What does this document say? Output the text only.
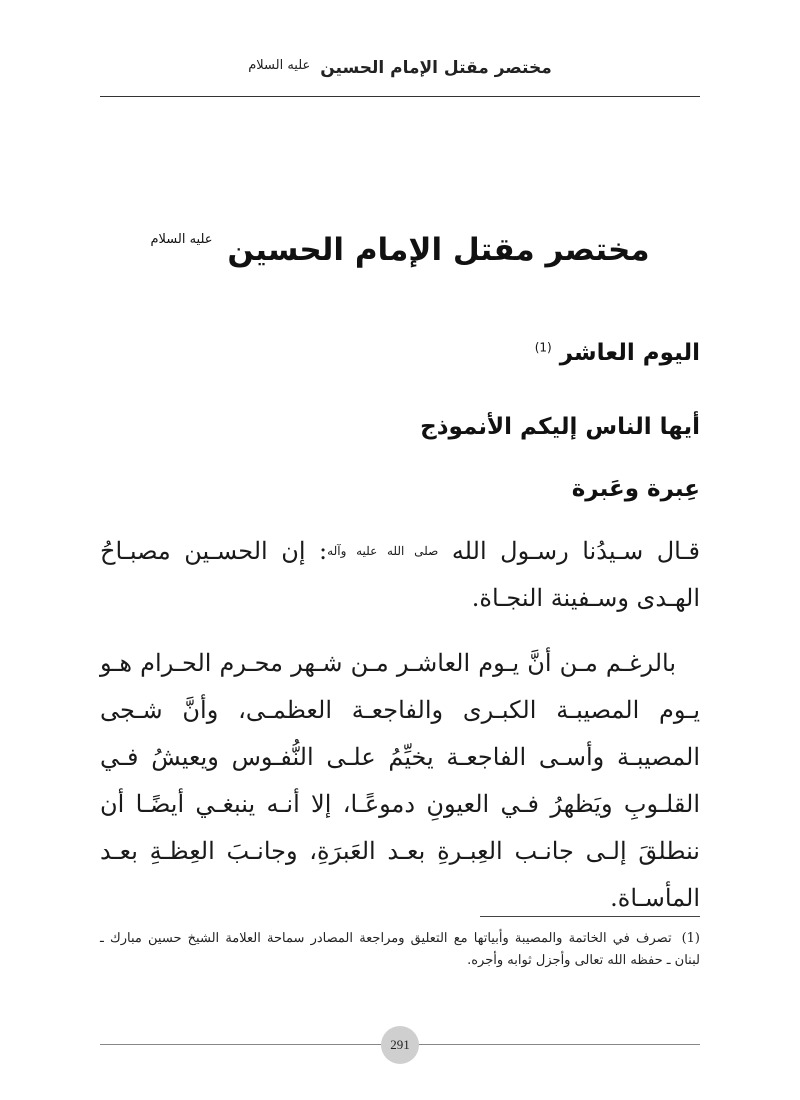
مختصر مقتل الإمام الحسين $^{عليه السلام}$
مختصر مقتل الإمام الحسين $^{عليه السلام}$
اليوم العاشر $^{(1)}$
أيها الناس إليكم الأنموذج
عِبرة وعَبرة

قـال سـيدُنا رسـول الله $^{صلى الله عليه وآله}$: إن الحسـين مصبـاحُ الهـدى وسـفينة النجـاة.

بالرغـم مـن أنَّ يـوم العاشـر مـن شـهر محـرم الحـرام هـو يـوم المصيبـة الكبـرى والفاجعـة العظمـى، وأنَّ شـجى المصيبـة وأسـى الفاجعـة يخيِّمُ علـى النُّفـوس ويعيشُ فـي القلـوبِ ويَظهرُ فـي العيونِ دموعًـا، إلا أنـه ينبغـي أيضًـا أن ننطلقَ إلـى جانـب العِبـرةِ بعـد العَبرَةِ، وجانـبَ العِظـةِ بعـد المأسـاة.

(1)تصرف في الخاتمة والمصيبة وأبياتها مع التعليق ومراجعة المصادر سماحة العلامة الشيخ حسين مبارك ـ لبنان ـ حفظه الله تعالى وأجزل ثوابه وأجره.
291
